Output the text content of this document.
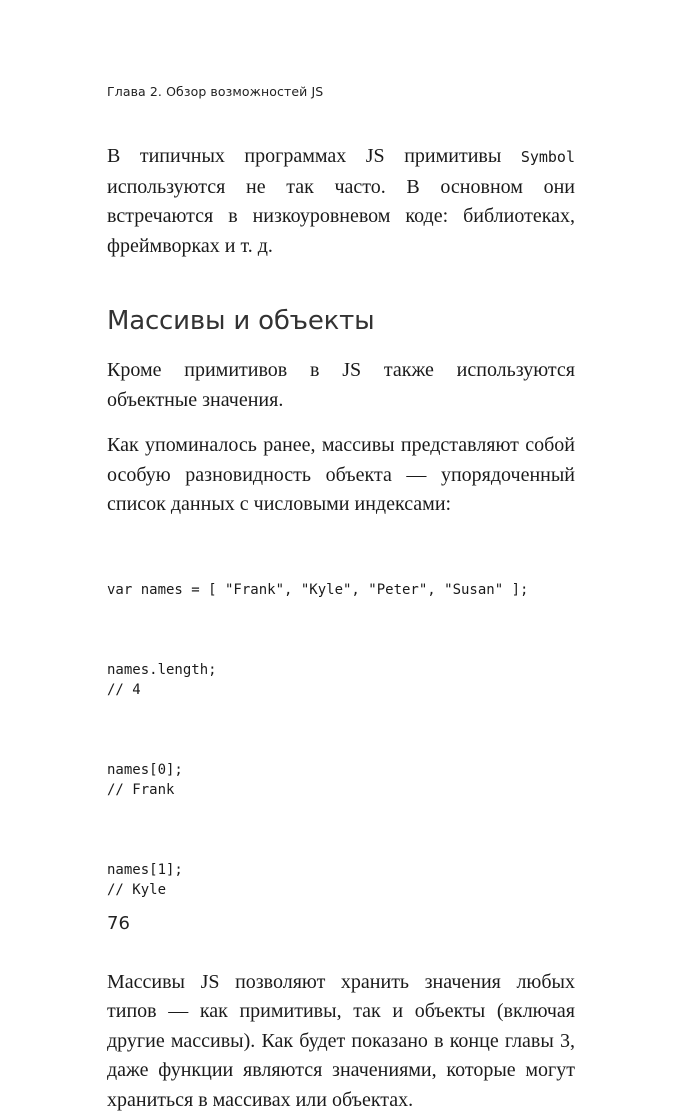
Глава 2. Обзор возможностей JS

В типичных программах JS примитивы Symbol используются не так часто. В основном они встречаются в низкоуровневом коде: библиотеках, фреймворках и т. д.

Массивы и объекты

Кроме примитивов в JS также используются объектные значения.

Как упоминалось ранее, массивы представляют собой особую разновидность объекта — упорядоченный список данных с числовыми индексами:

var names = [ "Frank", "Kyle", "Peter", "Susan" ];

names.length;
// 4

names[0];
// Frank

names[1];
// Kyle

Массивы JS позволяют хранить значения любых типов — как примитивы, так и объекты (включая другие массивы). Как будет показано в конце главы 3, даже функции являются значениями, которые могут храниться в массивах или объектах.

76
